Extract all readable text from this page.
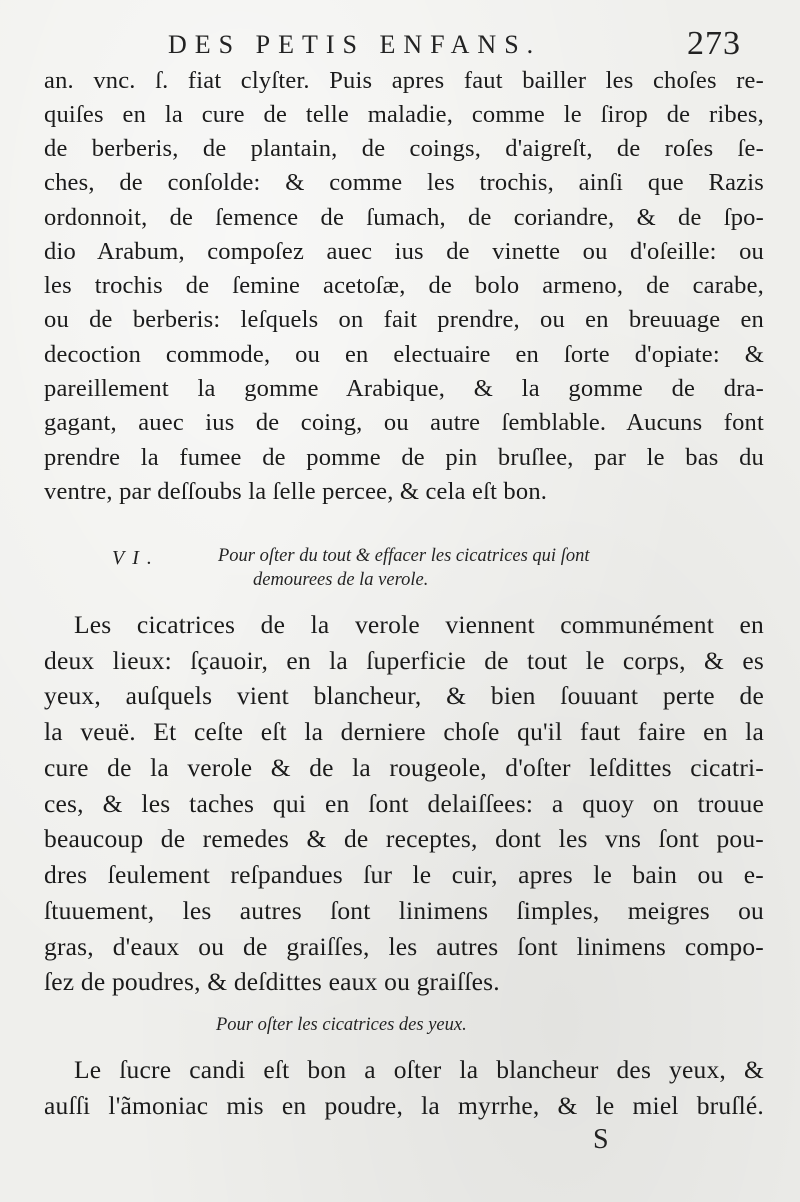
DES PETIS ENFANS.	273
an. vnc. ſ. fiat clyſter. Puis apres faut bailler les choſes re-
quiſes en la cure de telle maladie, comme le ſirop de ribes,
de berberis, de plantain, de coings, d'aigreſt, de roſes ſe-
ches, de conſolde: & comme les trochis, ainſi que Razis
ordonnoit, de ſemence de ſumach, de coriandre, & de ſpo-
dio Arabum, compoſez auec ius de vinette ou d'oſeille: ou
les trochis de ſemine acetoſæ, de bolo armeno, de carabe,
ou de berberis: leſquels on fait prendre, ou en breuuage en
decoction commode, ou en electuaire en ſorte d'opiate: &
pareillement la gomme Arabique, & la gomme de dra-
gagant, auec ius de coing, ou autre ſemblable. Aucuns font
prendre la fumee de pomme de pin bruſlee, par le bas du
ventre, par deſſoubs la ſelle percee, & cela eſt bon.
VI.	Pour oſter du tout & effacer les cicatrices qui ſont
demourees de la verole.
Les cicatrices de la verole viennent communément en
deux lieux: ſçauoir, en la ſuperficie de tout le corps, & es
yeux, auſquels vient blancheur, & bien ſouuant perte de
la veuë. Et ceſte eſt la derniere choſe qu'il faut faire en la
cure de la verole & de la rougeole, d'oſter leſdittes cicatri-
ces, & les taches qui en ſont delaiſſees: a quoy on trouue
beaucoup de remedes & de receptes, dont les vns ſont pou-
dres ſeulement reſpandues ſur le cuir, apres le bain ou e-
ſtuuement, les autres ſont linimens ſimples, meigres ou
gras, d'eaux ou de graiſſes, les autres ſont linimens compo-
ſez de poudres, & deſdittes eaux ou graiſſes.
Pour oſter les cicatrices des yeux.
Le ſucre candi eſt bon a oſter la blancheur des yeux, &
auſſi l'ãmoniac mis en poudre, la myrrhe, & le miel bruſlé.
S
